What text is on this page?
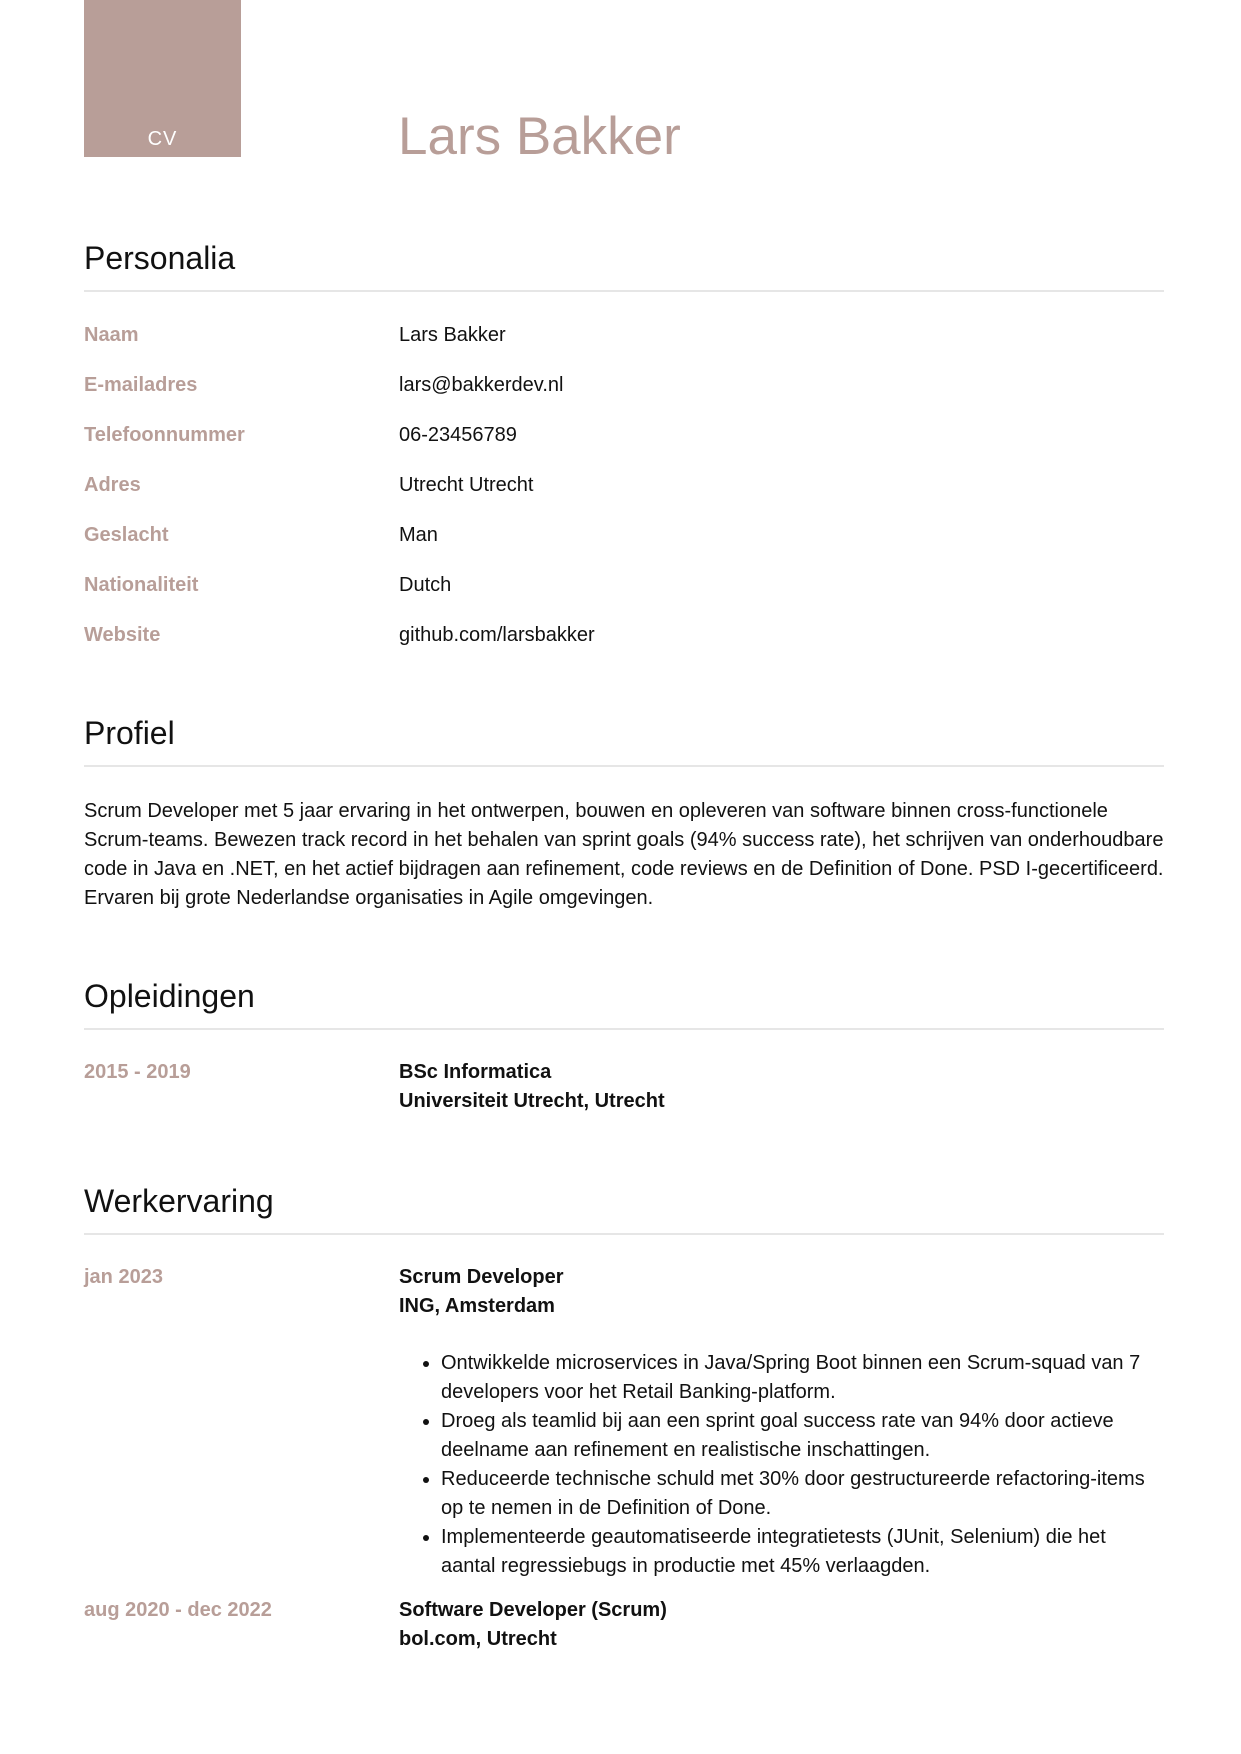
CV	Lars Bakker
Personalia
Naam	Lars Bakker
E-mailadres	lars@bakkerdev.nl
Telefoonnummer	06-23456789
Adres	Utrecht Utrecht
Geslacht	Man
Nationaliteit	Dutch
Website	github.com/larsbakker
Profiel

Scrum Developer met 5 jaar ervaring in het ontwerpen, bouwen en opleveren van software binnen cross-functionele Scrum-teams. Bewezen track record in het behalen van sprint goals (94% success rate), het schrijven van onderhoudbare code in Java en .NET, en het actief bijdragen aan refinement, code reviews en de Definition of Done. PSD I-gecertificeerd. Ervaren bij grote Nederlandse organisaties in Agile omgevingen.

Opleidingen
2015 - 2019	BSc Informatica
Universiteit Utrecht, Utrecht
Werkervaring
jan 2023	Scrum Developer
ING, Amsterdam
• Ontwikkelde microservices in Java/Spring Boot binnen een Scrum-squad van 7 developers voor het Retail Banking-platform.
• Droeg als teamlid bij aan een sprint goal success rate van 94% door actieve deelname aan refinement en realistische inschattingen.
• Reduceerde technische schuld met 30% door gestructureerde refactoring-items op te nemen in de Definition of Done.
• Implementeerde geautomatiseerde integratietests (JUnit, Selenium) die het aantal regressiebugs in productie met 45% verlaagden.
aug 2020 - dec 2022	Software Developer (Scrum)
bol.com, Utrecht
